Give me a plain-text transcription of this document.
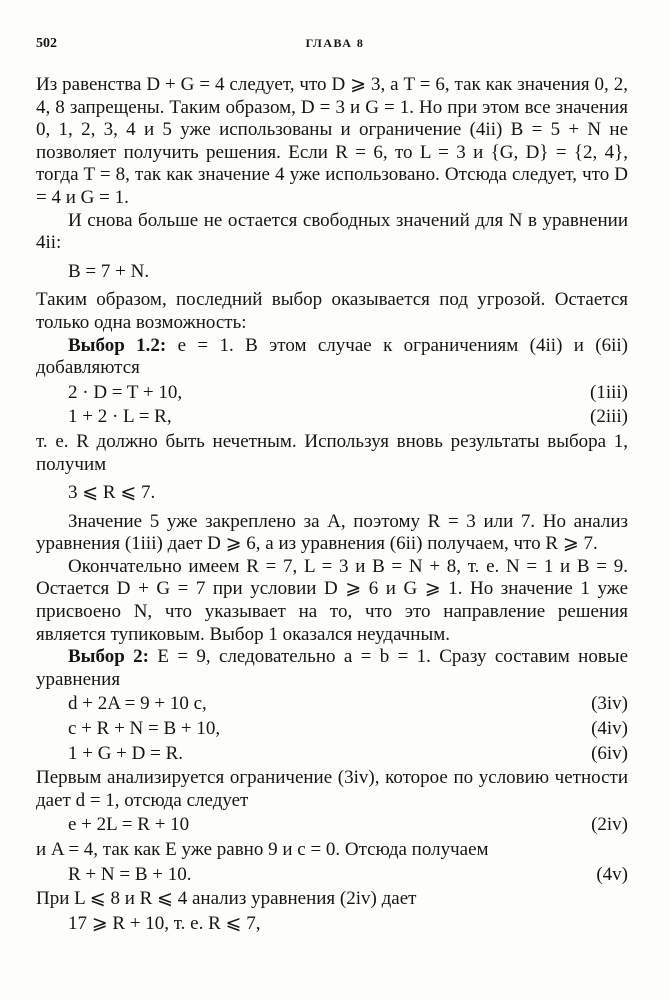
502	ГЛАВА 8

Из равенства D + G = 4 следует, что D ⩾ 3, а T = 6, так как значения 0, 2, 4, 8 запрещены. Таким образом, D = 3 и G = 1. Но при этом все значения 0, 1, 2, 3, 4 и 5 уже использованы и ограничение (4ii) B = 5 + N не позволяет получить решения. Если R = 6, то L = 3 и {G, D} = {2, 4}, тогда T = 8, так как значение 4 уже использовано. Отсюда следует, что D = 4 и G = 1.

И снова больше не остается свободных значений для N в уравнении 4ii:

B = 7 + N.

Таким образом, последний выбор оказывается под угрозой. Остается только одна возможность:

Выбор 1.2: e = 1. В этом случае к ограничениям (4ii) и (6ii) добавляются

2 · D = T + 10,	(1iii)
1 + 2 · L = R,	(2iii)

т. е. R должно быть нечетным. Используя вновь результаты выбора 1, получим

3 ⩽ R ⩽ 7.

Значение 5 уже закреплено за A, поэтому R = 3 или 7. Но анализ уравнения (1iii) дает D ⩾ 6, а из уравнения (6ii) получаем, что R ⩾ 7.

Окончательно имеем R = 7, L = 3 и B = N + 8, т. е. N = 1 и B = 9. Остается D + G = 7 при условии D ⩾ 6 и G ⩾ 1. Но значение 1 уже присвоено N, что указывает на то, что это направление решения является тупиковым. Выбор 1 оказался неудачным.

Выбор 2: E = 9, следовательно a = b = 1. Сразу составим новые уравнения

d + 2A = 9 + 10 c,	(3iv)
c + R + N = B + 10,	(4iv)
1 + G + D = R.	(6iv)

Первым анализируется ограничение (3iv), которое по условию четности дает d = 1, отсюда следует

e + 2L = R + 10	(2iv)

и A = 4, так как E уже равно 9 и c = 0. Отсюда получаем

R + N = B + 10.	(4v)

При L ⩽ 8 и R ⩽ 4 анализ уравнения (2iv) дает

17 ⩾ R + 10, т. е. R ⩽ 7,
